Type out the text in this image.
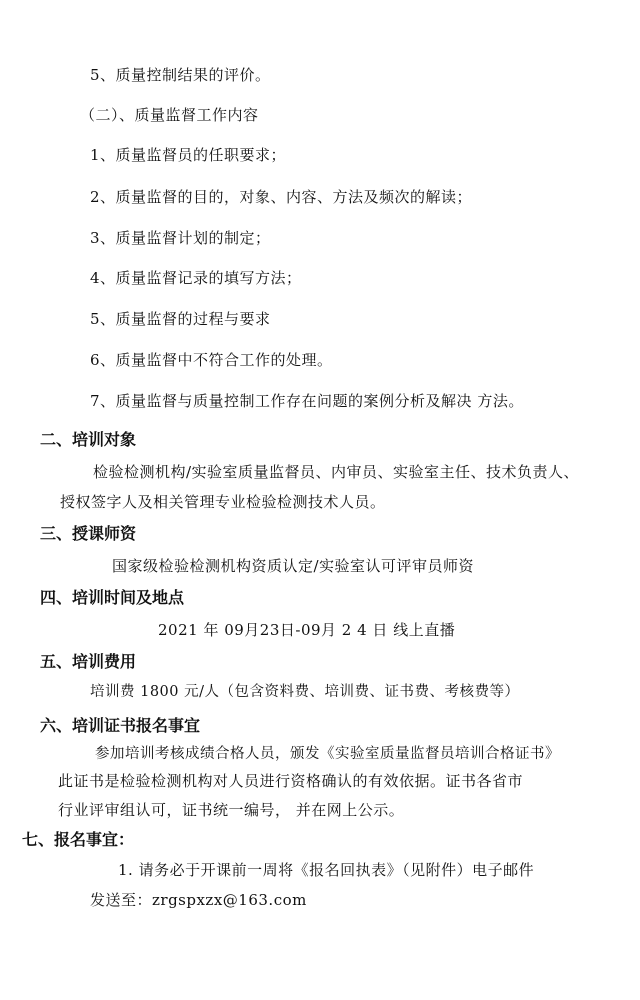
5、质量控制结果的评价。
（二）、质量监督工作内容
1、质量监督员的任职要求；
2、质量监督的目的，对象、内容、方法及频次的解读；
3、质量监督计划的制定；
4、质量监督记录的填写方法；
5、质量监督的过程与要求
6、质量监督中不符合工作的处理。
7、质量监督与质量控制工作存在问题的案例分析及解决 方法。
二、培训对象
检验检测机构/实验室质量监督员、内审员、实验室主任、技术负责人、
授权签字人及相关管理专业检验检测技术人员。
三、授课师资
国家级检验检测机构资质认定/实验室认可评审员师资
四、培训时间及地点
2021 年 09月23日-09月 2 4 日 线上直播
五、培训费用
培训费 1800 元/人（包含资料费、培训费、证书费、考核费等）
六、培训证书报名事宜
参加培训考核成绩合格人员，颁发《实验室质量监督员培训合格证书》
此证书是检验检测机构对人员进行资格确认的有效依据。证书各省市
行业评审组认可，证书统一编号， 并在网上公示。
七、报名事宜：
1. 请务必于开课前一周将《报名回执表》（见附件）电子邮件
发送至：zrgspxzx@163.com
